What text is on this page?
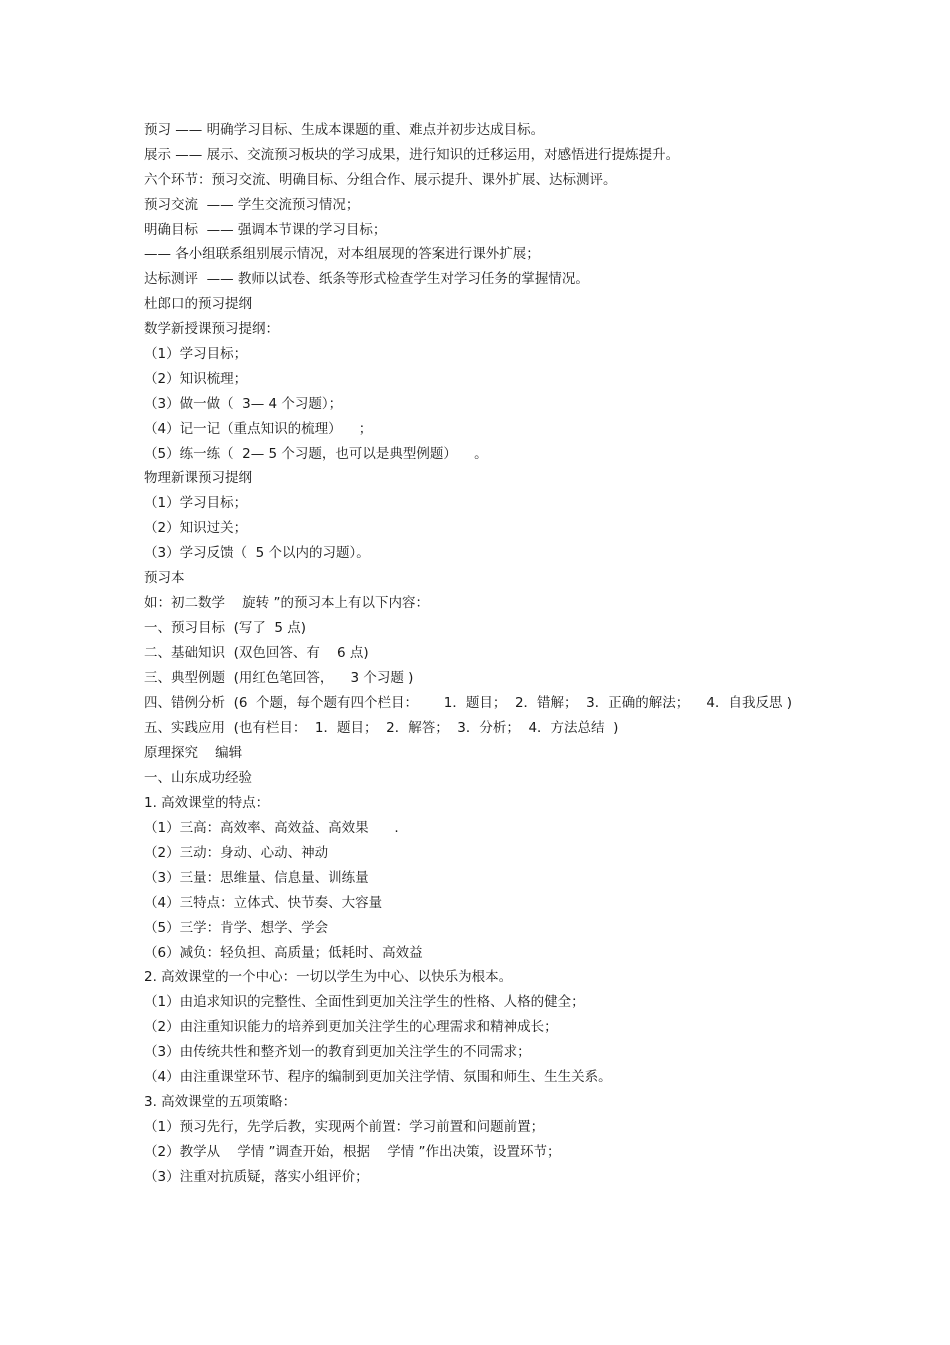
预习 —— 明确学习目标、生成本课题的重、难点并初步达成目标。
展示 —— 展示、交流预习板块的学习成果，进行知识的迁移运用，对感悟进行提炼提升。
六个环节：预习交流、明确目标、分组合作、展示提升、课外扩展、达标测评。
预习交流  —— 学生交流预习情况；
明确目标  —— 强调本节课的学习目标；
—— 各小组联系组别展示情况，对本组展现的答案进行课外扩展；
达标测评  —— 教师以试卷、纸条等形式检查学生对学习任务的掌握情况。
杜郎口的预习提纲
数学新授课预习提纲：
（1）学习目标；
（2）知识梳理；
（3）做一做（  3— 4 个习题）；
（4）记一记（重点知识的梳理）    ；
（5）练一练（  2— 5 个习题，也可以是典型例题）    。
物理新课预习提纲
（1）学习目标；
（2）知识过关；
（3）学习反馈（  5 个以内的习题）。
预习本
如：初二数学    旋转 ”的预习本上有以下内容：
一、预习目标  (写了  5 点)
二、基础知识  (双色回答、有    6 点)
三、典型例题  (用红色笔回答，    3 个习题 )
四、错例分析  (6  个题，每个题有四个栏目：      1．题目；  2．错解；  3．正确的解法；    4．自我反思 )
五、实践应用  (也有栏目：  1．题目；  2．解答；  3．分析；  4．方法总结  )
原理探究    编辑
一、山东成功经验
1. 高效课堂的特点：
（1）三高：高效率、高效益、高效果      .
（2）三动：身动、心动、神动
（3）三量：思维量、信息量、训练量
（4）三特点：立体式、快节奏、大容量
（5）三学：肯学、想学、学会
（6）减负：轻负担、高质量；低耗时、高效益
2. 高效课堂的一个中心：一切以学生为中心、以快乐为根本。
（1）由追求知识的完整性、全面性到更加关注学生的性格、人格的健全；
（2）由注重知识能力的培养到更加关注学生的心理需求和精神成长；
（3）由传统共性和整齐划一的教育到更加关注学生的不同需求；
（4）由注重课堂环节、程序的编制到更加关注学情、氛围和师生、生生关系。
3. 高效课堂的五项策略：
（1）预习先行，先学后教，实现两个前置：学习前置和问题前置；
（2）教学从    学情 ”调查开始，根据    学情 ”作出决策，设置环节；
（3）注重对抗质疑，落实小组评价；
